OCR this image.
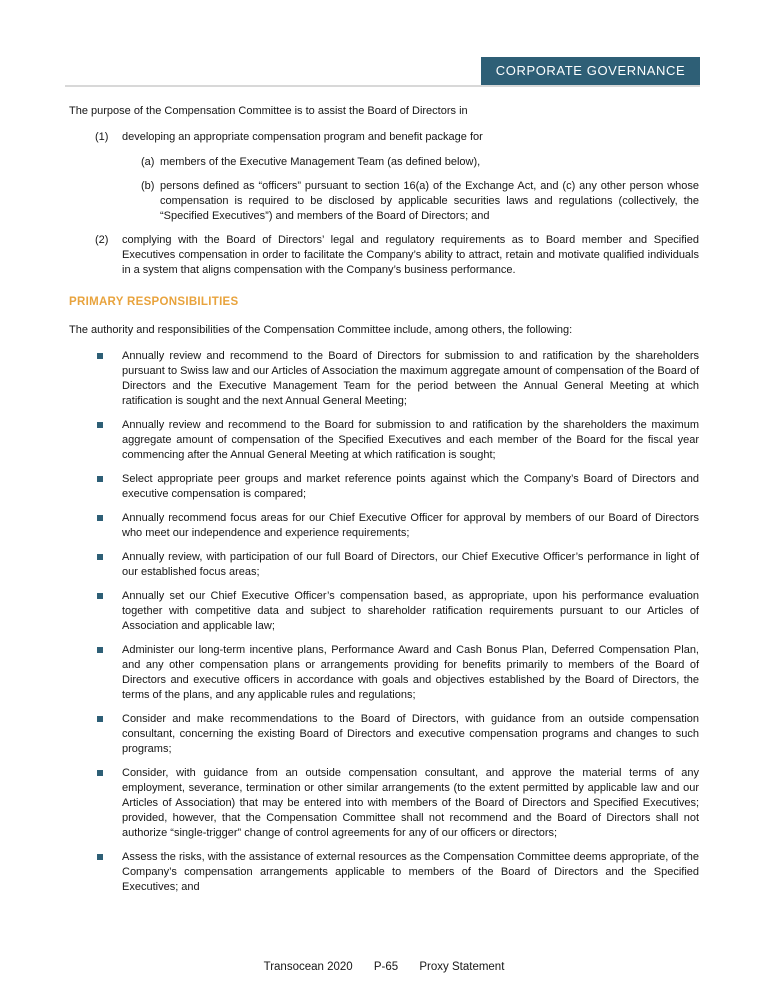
CORPORATE GOVERNANCE

The purpose of the Compensation Committee is to assist the Board of Directors in

(1) developing an appropriate compensation program and benefit package for
(a) members of the Executive Management Team (as defined below),
(b) persons defined as “officers” pursuant to section 16(a) of the Exchange Act, and (c) any other person whose compensation is required to be disclosed by applicable securities laws and regulations (collectively, the “Specified Executives”) and members of the Board of Directors; and
(2) complying with the Board of Directors’ legal and regulatory requirements as to Board member and Specified Executives compensation in order to facilitate the Company’s ability to attract, retain and motivate qualified individuals in a system that aligns compensation with the Company’s business performance.
PRIMARY RESPONSIBILITIES

The authority and responsibilities of the Compensation Committee include, among others, the following:

Annually review and recommend to the Board of Directors for submission to and ratification by the shareholders pursuant to Swiss law and our Articles of Association the maximum aggregate amount of compensation of the Board of Directors and the Executive Management Team for the period between the Annual General Meeting at which ratification is sought and the next Annual General Meeting;
Annually review and recommend to the Board for submission to and ratification by the shareholders the maximum aggregate amount of compensation of the Specified Executives and each member of the Board for the fiscal year commencing after the Annual General Meeting at which ratification is sought;
Select appropriate peer groups and market reference points against which the Company’s Board of Directors and executive compensation is compared;
Annually recommend focus areas for our Chief Executive Officer for approval by members of our Board of Directors who meet our independence and experience requirements;
Annually review, with participation of our full Board of Directors, our Chief Executive Officer’s performance in light of our established focus areas;
Annually set our Chief Executive Officer’s compensation based, as appropriate, upon his performance evaluation together with competitive data and subject to shareholder ratification requirements pursuant to our Articles of Association and applicable law;
Administer our long-term incentive plans, Performance Award and Cash Bonus Plan, Deferred Compensation Plan, and any other compensation plans or arrangements providing for benefits primarily to members of the Board of Directors and executive officers in accordance with goals and objectives established by the Board of Directors, the terms of the plans, and any applicable rules and regulations;
Consider and make recommendations to the Board of Directors, with guidance from an outside compensation consultant, concerning the existing Board of Directors and executive compensation programs and changes to such programs;
Consider, with guidance from an outside compensation consultant, and approve the material terms of any employment, severance, termination or other similar arrangements (to the extent permitted by applicable law and our Articles of Association) that may be entered into with members of the Board of Directors and Specified Executives; provided, however, that the Compensation Committee shall not recommend and the Board of Directors shall not authorize “single-trigger” change of control agreements for any of our officers or directors;
Assess the risks, with the assistance of external resources as the Compensation Committee deems appropriate, of the Company’s compensation arrangements applicable to members of the Board of Directors and the Specified Executives; and
Transocean 2020 P-65 Proxy Statement
